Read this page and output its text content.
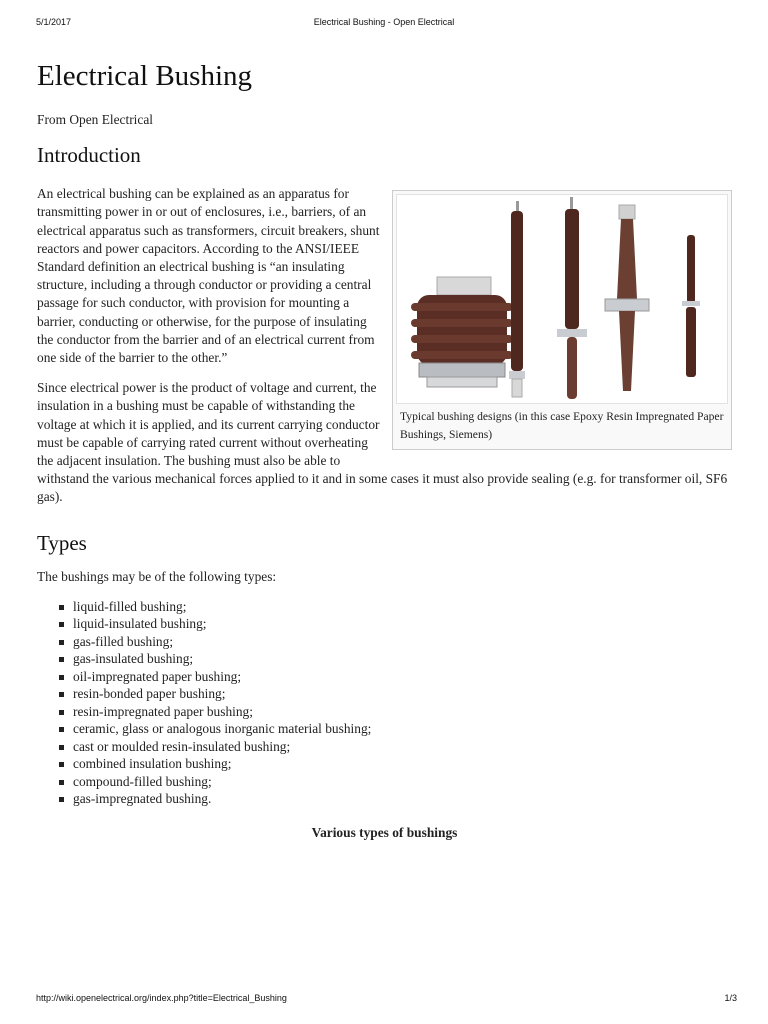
5/1/2017	Electrical Bushing - Open Electrical
Electrical Bushing
From Open Electrical
Introduction
Typical bushing designs (in this case Epoxy Resin Impregnated Paper Bushings, Siemens)

An electrical bushing can be explained as an apparatus for transmitting power in or out of enclosures, i.e., barriers, of an electrical apparatus such as transformers, circuit breakers, shunt reactors and power capacitors. According to the ANSI/IEEE Standard definition an electrical bushing is “an insulating structure, including a through conductor or providing a central passage for such conductor, with provision for mounting a barrier, conducting or otherwise, for the purpose of insulating the conductor from the barrier and of an electrical current from one side of the barrier to the other.”

Since electrical power is the product of voltage and current, the insulation in a bushing must be capable of withstanding the voltage at which it is applied, and its current carrying conductor must be capable of carrying rated current without overheating the adjacent insulation. The bushing must also be able to withstand the various mechanical forces applied to it and in some cases it must also provide sealing (e.g. for transformer oil, SF6 gas).

Types

The bushings may be of the following types:

liquid-filled bushing;
liquid-insulated bushing;
gas-filled bushing;
gas-insulated bushing;
oil-impregnated paper bushing;
resin-bonded paper bushing;
resin-impregnated paper bushing;
ceramic, glass or analogous inorganic material bushing;
cast or moulded resin-insulated bushing;
combined insulation bushing;
compound-filled bushing;
gas-impregnated bushing.
Various types of bushings
http://wiki.openelectrical.org/index.php?title=Electrical_Bushing	1/3
